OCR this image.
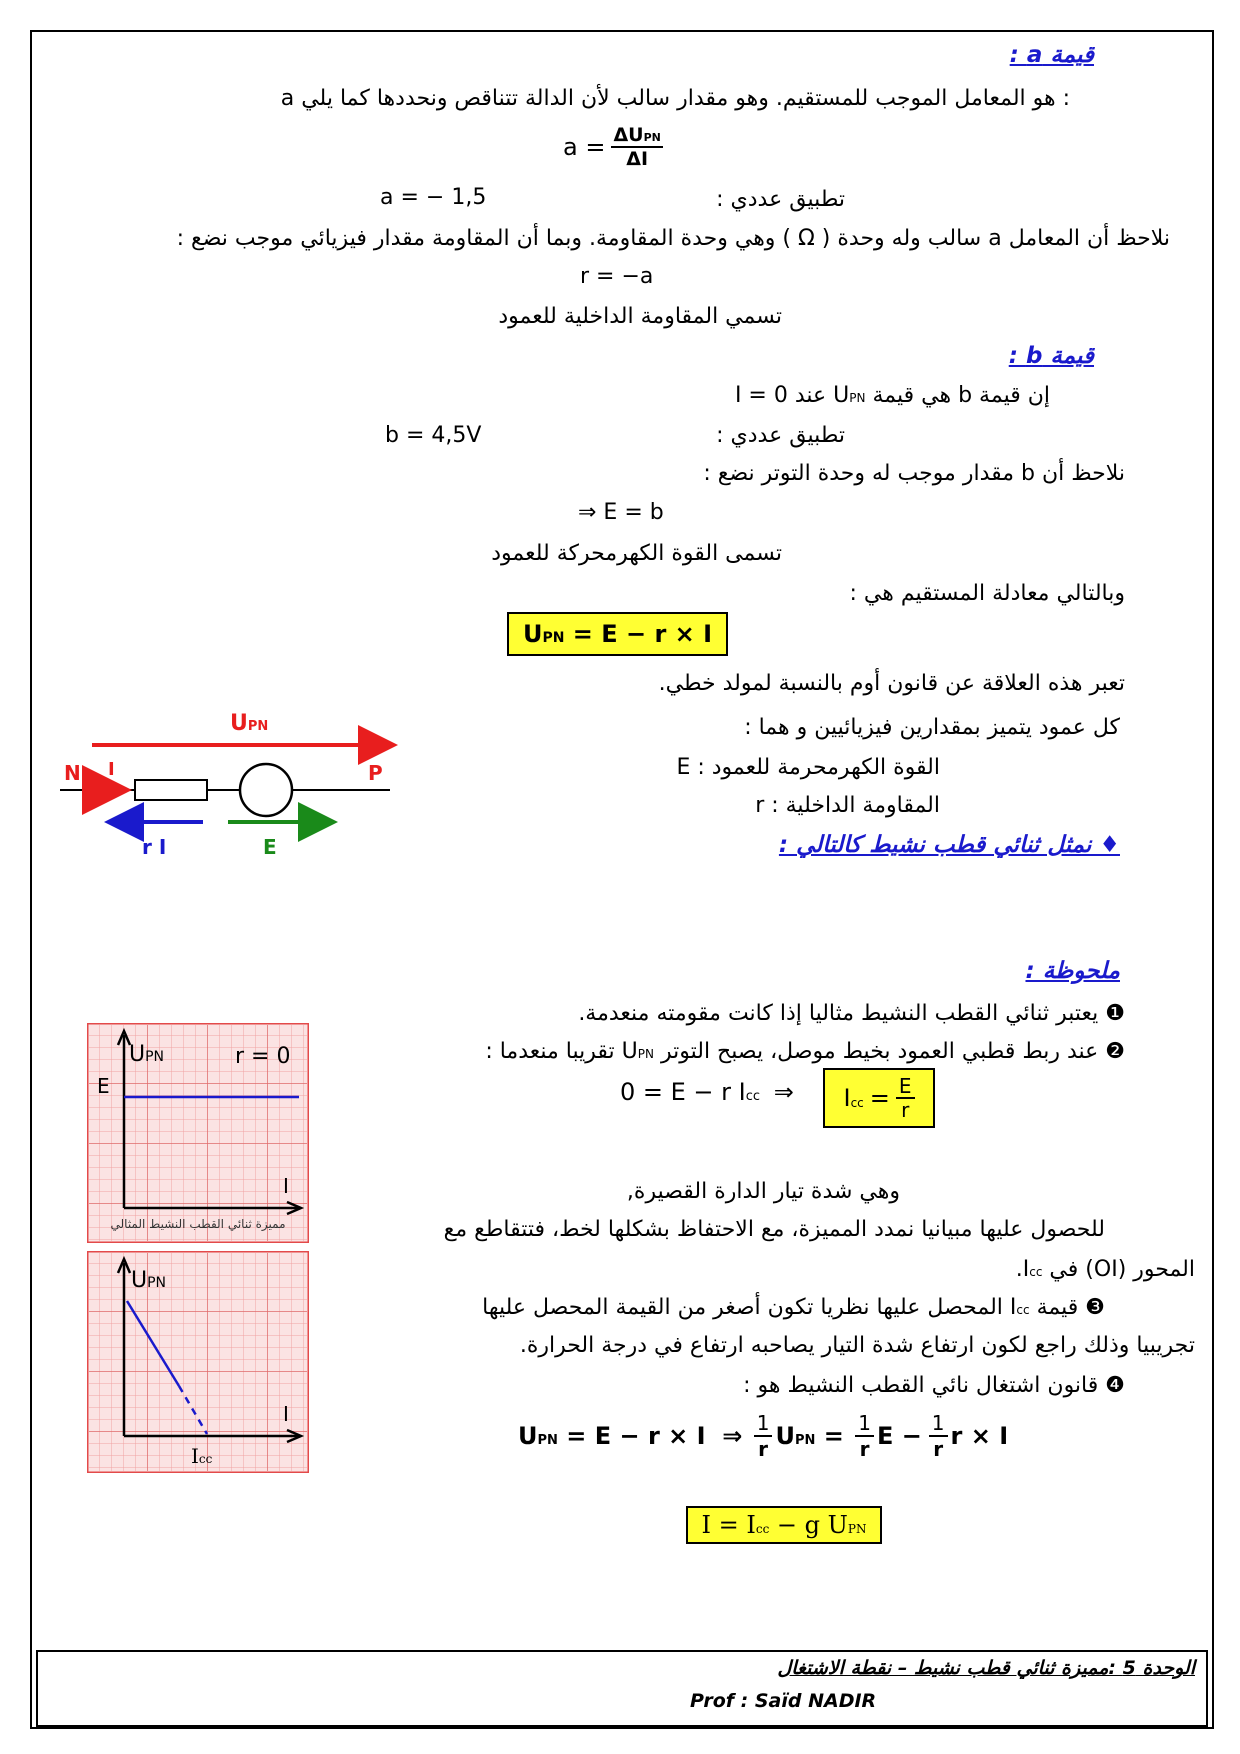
قيمة a :
a هو المعامل الموجب للمستقيم. وهو مقدار سالب لأن الدالة تتناقص ونحددها كما يلي :
a = ΔUPN
ΔI
تطبيق عددي :
a = − 1,5
نلاحظ أن المعامل a سالب وله وحدة ( Ω ) وهي وحدة المقاومة. وبما أن المقاومة مقدار فيزيائي موجب نضع :
r = −a
تسمي المقاومة الداخلية للعمود
قيمة b :
إن قيمة b هي قيمة UPN عند I = 0
تطبيق عددي :
b = 4,5V
نلاحظ أن b مقدار موجب له وحدة التوتر نضع :
⇒ E = b
تسمى القوة الكهرمحركة للعمود
وبالتالي معادلة المستقيم هي :
UPN = E − r × I
تعبر هذه العلاقة عن قانون أوم بالنسبة لمولد خطي.
كل عمود يتميز بمقدارين فيزيائيين و هما :
E : القوة الكهرمحرمة للعمود
r : المقاومة الداخلية
♦ نمثل ثنائي قطب نشيط كالتالي :
UPN
N I	P
r I	E
ملحوظة :
❶ يعتبر ثنائي القطب النشيط مثاليا إذا كانت مقومته منعدمة.
❷ عند ربط قطبي العمود بخيط موصل، يصبح التوتر UPN تقريبا منعدما :
0 = E − r Icc ⇒ I cc = $\frac{E}{r}$
وهي شدة تيار الدارة القصيرة,
للحصول عليها مبيانيا نمدد المميزة، مع الاحتفاظ بشكلها لخط، فتتقاطع مع
المحور (OI) في Icc.
❸ قيمة Icc المحصل عليها نظريا تكون أصغر من القيمة المحصل عليها
تجريبيا وذلك راجع لكون ارتفاع شدة التيار يصاحبه ارتفاع في درجة الحرارة.
❹ قانون اشتغال نائي القطب النشيط هو :
U PN = E − r × I  ⇒ $\frac{1}{r}$ U PN = $\frac{1}{r}$ $E - \frac{1}{r}$ r × I
I = Icc − g UPN
UPN	r = 0
E
I
مميزة ثنائي القطب النشيط المثالي
UPN
I
Icc
الوحدة 5 :مميزة ثنائي قطب نشيط – نقطة الاشتغال
Prof : Saïd NADIR
